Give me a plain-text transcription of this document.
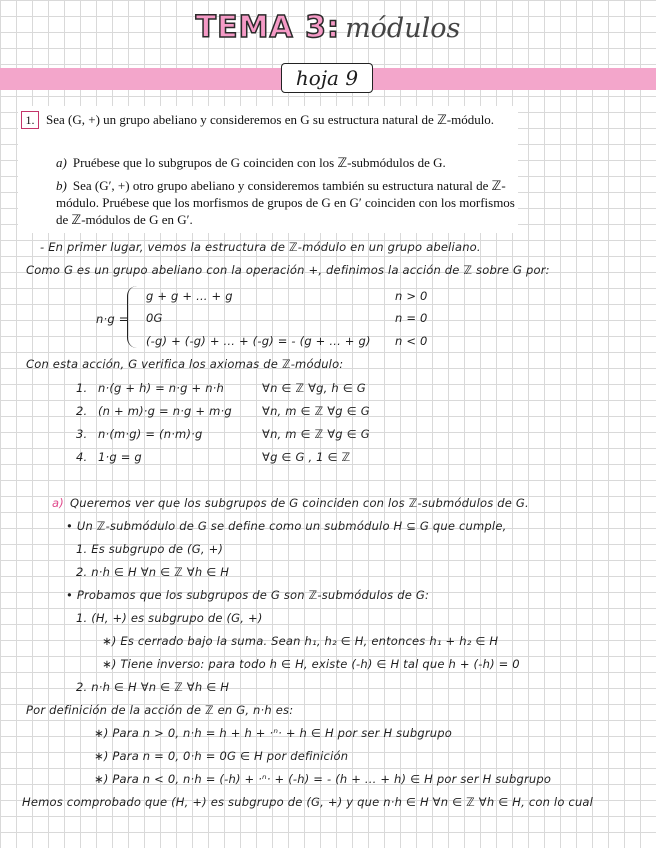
TEMA 3: módulos
hoja 9
1. Sea (G, +) un grupo abeliano y consideremos en G su estructura natural de ℤ-módulo.
a) Pruébese que lo subgrupos de G coinciden con los ℤ-submódulos de G.
b) Sea (G′, +) otro grupo abeliano y consideremos también su estructura natural de ℤ-módulo. Pruébese que los morfismos de grupos de G en G′ coinciden con los morfismos de ℤ-módulos de G en G′.
- En primer lugar, vemos la estructura de ℤ-módulo en un grupo abeliano.
Como G es un grupo abeliano con la operación +, definimos la acción de ℤ sobre G por:
n·g =
g + g + ... + g	n > 0
0G	n = 0
(-g) + (-g) + ... + (-g) = - (g + ... + g) n < 0
Con esta acción, G verifica los axiomas de ℤ-módulo:
1. n·(g + h) = n·g + n·h	∀n ∈ ℤ ∀g, h ∈ G
2. (n + m)·g = n·g + m·g	∀n, m ∈ ℤ ∀g ∈ G
3. n·(m·g) = (n·m)·g	∀n, m ∈ ℤ ∀g ∈ G
4. 1·g = g	∀g ∈ G , 1 ∈ ℤ
a) Queremos ver que los subgrupos de G coinciden con los ℤ-submódulos de G.
• Un ℤ-submódulo de G se define como un submódulo H ⊆ G que cumple,
1. Es subgrupo de (G, +)
2. n·h ∈ H ∀n ∈ ℤ ∀h ∈ H
• Probamos que los subgrupos de G son ℤ-submódulos de G:
1. (H, +) es subgrupo de (G, +)
∗) Es cerrado bajo la suma. Sean h₁, h₂ ∈ H, entonces h₁ + h₂ ∈ H
∗) Tiene inverso: para todo h ∈ H, existe (-h) ∈ H tal que h + (-h) = 0
2. n·h ∈ H ∀n ∈ ℤ ∀h ∈ H
Por definición de la acción de ℤ en G, n·h es:
∗) Para n > 0, n·h = h + h + ·ⁿ· + h ∈ H por ser H subgrupo
∗) Para n = 0, 0·h = 0G ∈ H por definición
∗) Para n < 0, n·h = (-h) + ·ⁿ· + (-h) = - (h + ... + h) ∈ H por ser H subgrupo
Hemos comprobado que (H, +) es subgrupo de (G, +) y que n·h ∈ H ∀n ∈ ℤ ∀h ∈ H, con lo cual
